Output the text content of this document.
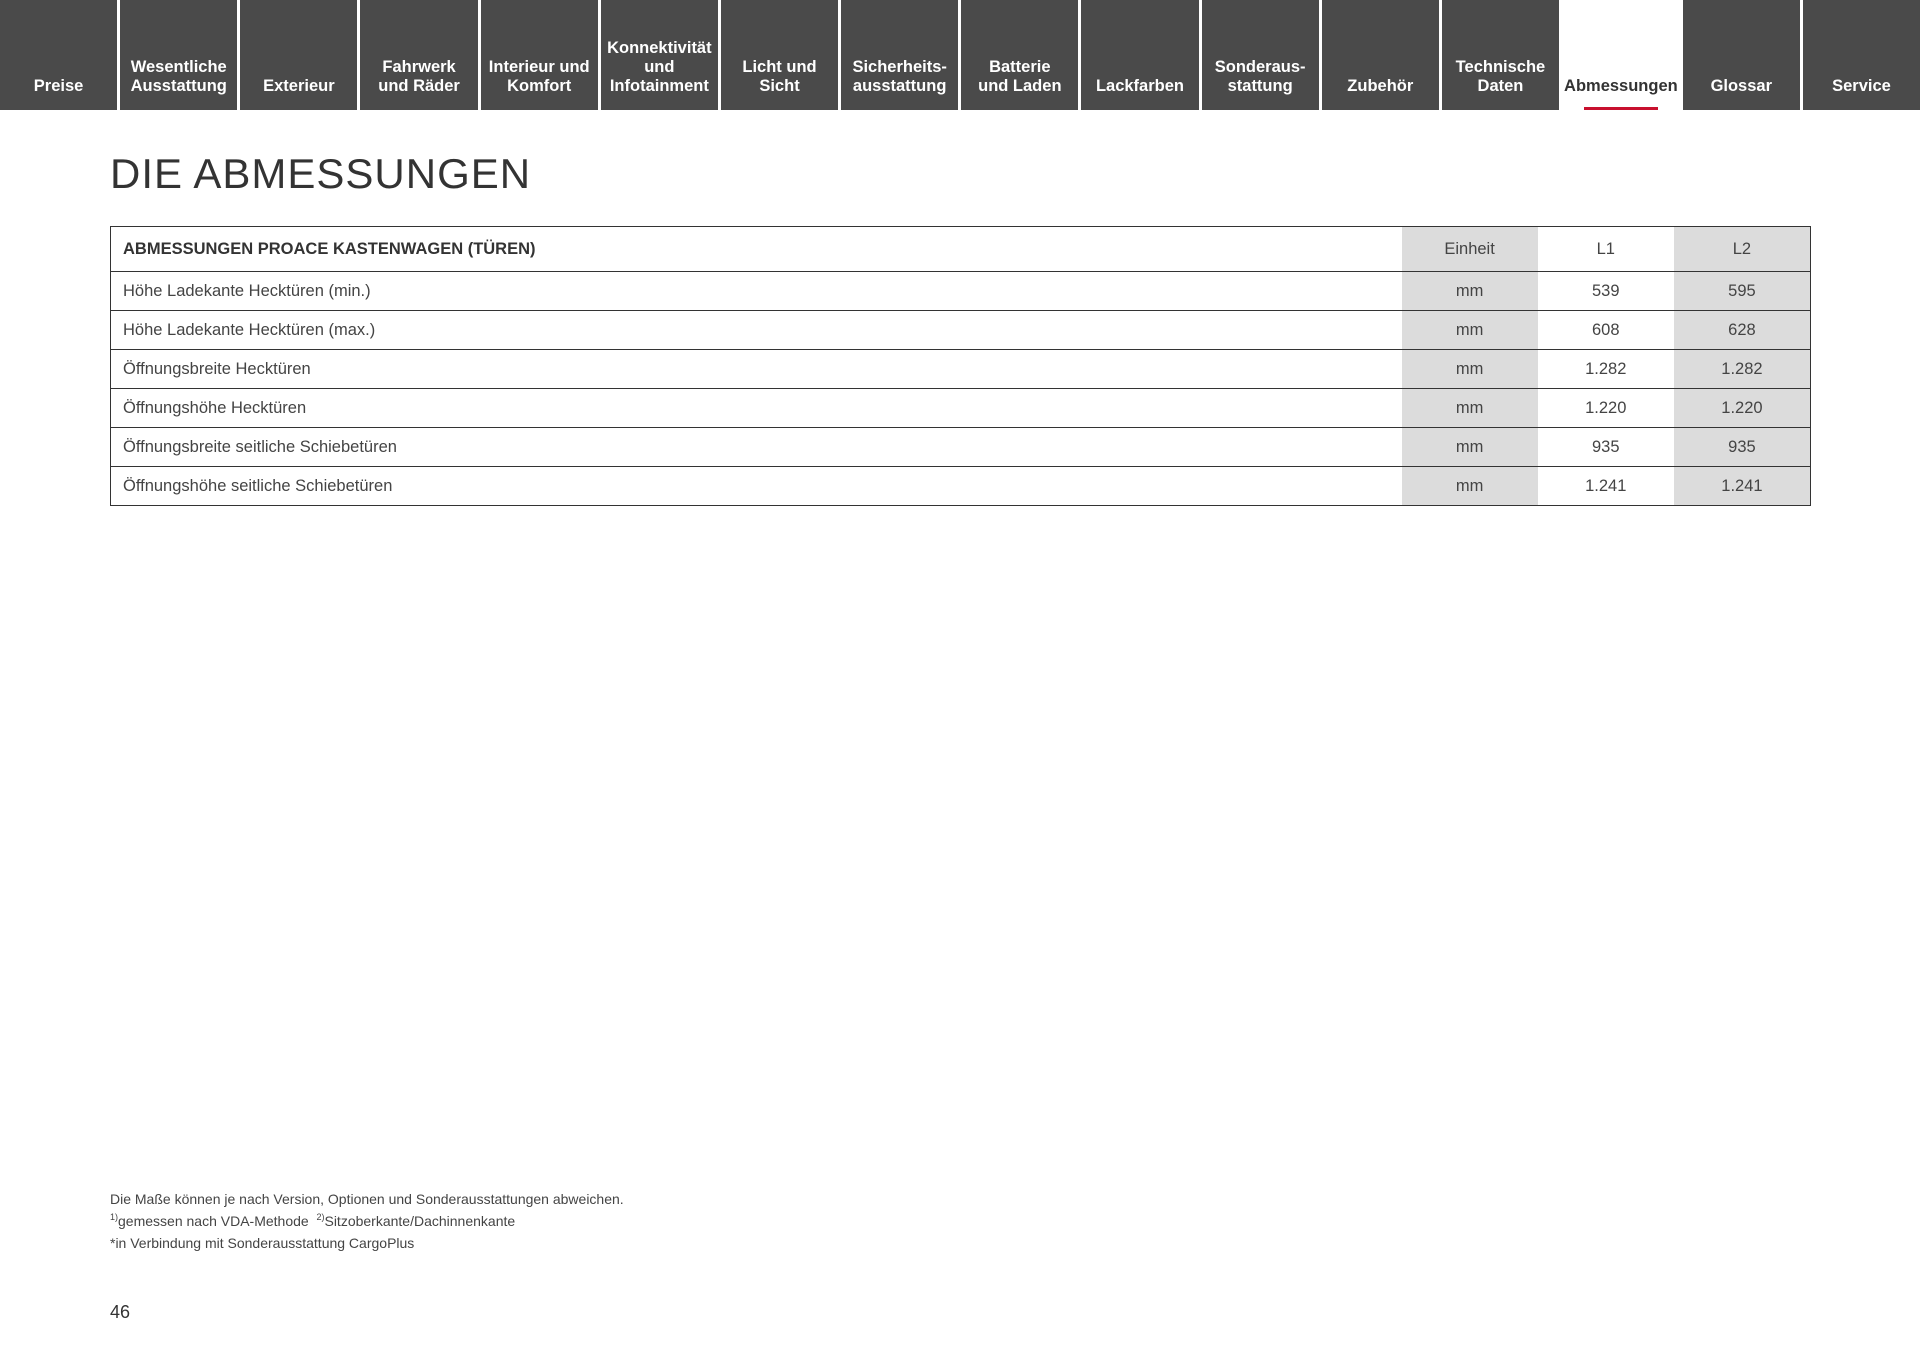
Preise
Wesentliche
Ausstattung Exterieur
Fahrwerk
und Räder
Interieur und
Komfort
Konnektivität
und
Infotainment
Licht und Sicht
Sicherheits-
ausstattung
Batterie
und Laden Lackfarben
Sonderaus-
stattung	Zubehör
Technische
Daten	Abmessungen Glossar	Service
DIE ABMESSUNGEN
ABMESSUNGEN PROACE KASTENWAGEN (TÜREN)	Einheit	L1	L2
Höhe Ladekante Hecktüren (min.)	mm	539	595
Höhe Ladekante Hecktüren (max.)	mm	608	628
Öffnungsbreite Hecktüren	mm	1.282	1.282
Öffnungshöhe Hecktüren	mm	1.220	1.220
Öffnungsbreite seitliche Schiebetüren	mm	935	935
Öffnungshöhe seitliche Schiebetüren	mm	1.241	1.241
Die Maße können je nach Version, Optionen und Sonderausstattungen abweichen.
$^{1)}$gemessen nach VDA-Methode $^{2)}$Sitzoberkante/Dachinnenkante
*in Verbindung mit Sonderausstattung CargoPlus
46
